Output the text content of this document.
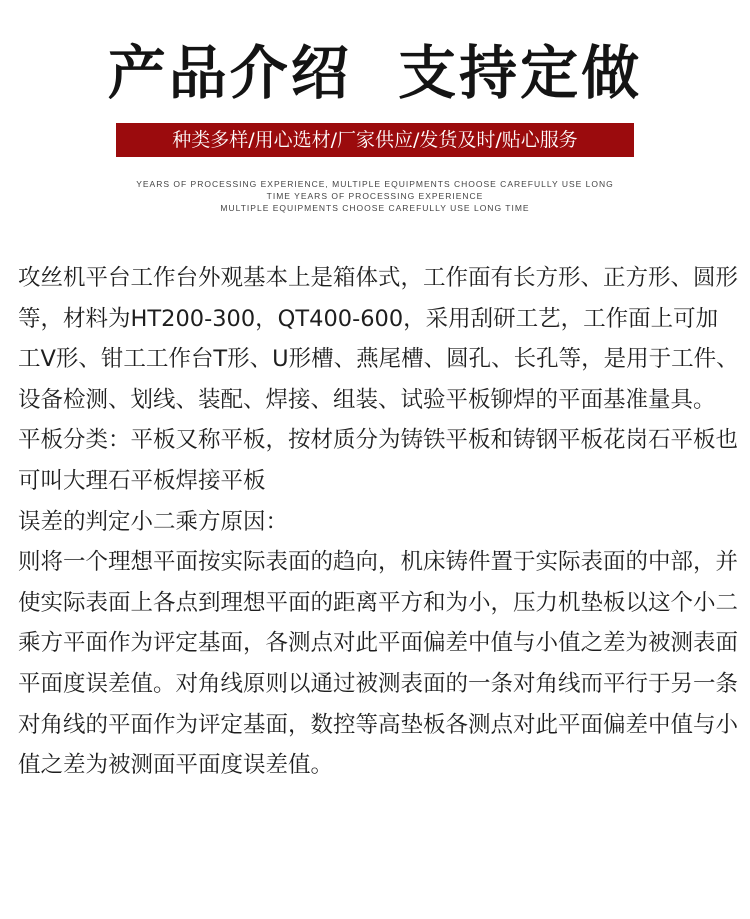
产品介绍  支持定做
种类多样/用心选材/厂家供应/发货及时/贴心服务
YEARS OF PROCESSING EXPERIENCE, MULTIPLE EQUIPMENTS CHOOSE CAREFULLY USE LONG
TIME YEARS OF PROCESSING EXPERIENCE
MULTIPLE EQUIPMENTS CHOOSE CAREFULLY USE LONG TIME

攻丝机平台工作台外观基本上是箱体式，工作面有长方形、正方形、圆形等，材料为HT200-300，QT400-600，采用刮研工艺，工作面上可加工V形、钳工工作台T形、U形槽、燕尾槽、圆孔、长孔等，是用于工件、设备检测、划线、装配、焊接、组装、试验平板铆焊的平面基准量具。

平板分类：平板又称平板，按材质分为铸铁平板和铸钢平板花岗石平板也可叫大理石平板焊接平板

误差的判定小二乘方原因：

则将一个理想平面按实际表面的趋向，机床铸件置于实际表面的中部，并使实际表面上各点到理想平面的距离平方和为小，压力机垫板以这个小二乘方平面作为评定基面，各测点对此平面偏差中值与小值之差为被测表面平面度误差值。对角线原则以通过被测表面的一条对角线而平行于另一条对角线的平面作为评定基面，数控等高垫板各测点对此平面偏差中值与小值之差为被测面平面度误差值。
